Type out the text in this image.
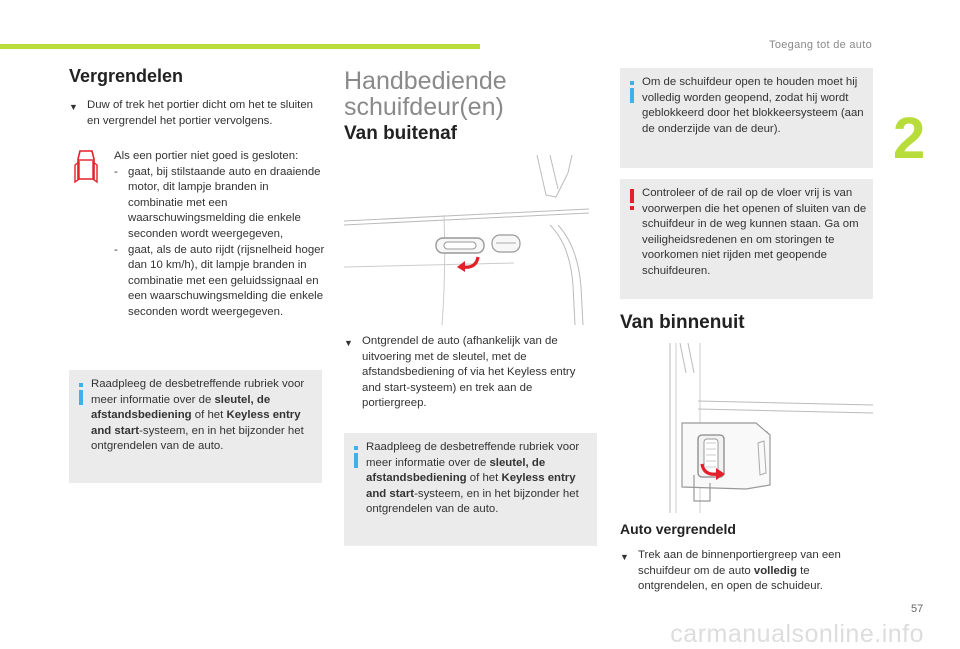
Toegang tot de auto
2
Vergrendelen
▼ Duw of trek het portier dicht om het te sluiten en vergrendel het portier vervolgens.
Als een portier niet goed is gesloten:
- gaat, bij stilstaande auto en draaiende motor, dit lampje branden in combinatie met een waarschuwingsmelding die enkele seconden wordt weergegeven,
- gaat, als de auto rijdt (rijsnelheid hoger dan 10 km/h), dit lampje branden in combinatie met een geluidssignaal en een waarschuwingsmelding die enkele seconden wordt weergegeven.
Raadpleeg de desbetreffende rubriek voor meer informatie over de sleutel, de afstandsbediening of het Keyless entry and start-systeem, en in het bijzonder het ontgrendelen van de auto.
Handbediende
schuifdeur(en)
Van buitenaf
▼ Ontgrendel de auto (afhankelijk van de uitvoering met de sleutel, met de afstandsbediening of via het Keyless entry and start-systeem) en trek aan de portiergreep.
Raadpleeg de desbetreffende rubriek voor meer informatie over de sleutel, de afstandsbediening of het Keyless entry and start-systeem, en in het bijzonder het ontgrendelen van de auto.
Om de schuifdeur open te houden moet hij volledig worden geopend, zodat hij wordt geblokkeerd door het blokkeersysteem (aan de onderzijde van de deur).
Controleer of de rail op de vloer vrij is van voorwerpen die het openen of sluiten van de schuifdeur in de weg kunnen staan. Ga om veiligheidsredenen en om storingen te voorkomen niet rijden met geopende schuifdeuren.
Van binnenuit
Auto vergrendeld
▼ Trek aan de binnenportiergreep van een schuifdeur om de auto volledig te ontgrendelen, en open de schuideur.
57
carmanualsonline.info
